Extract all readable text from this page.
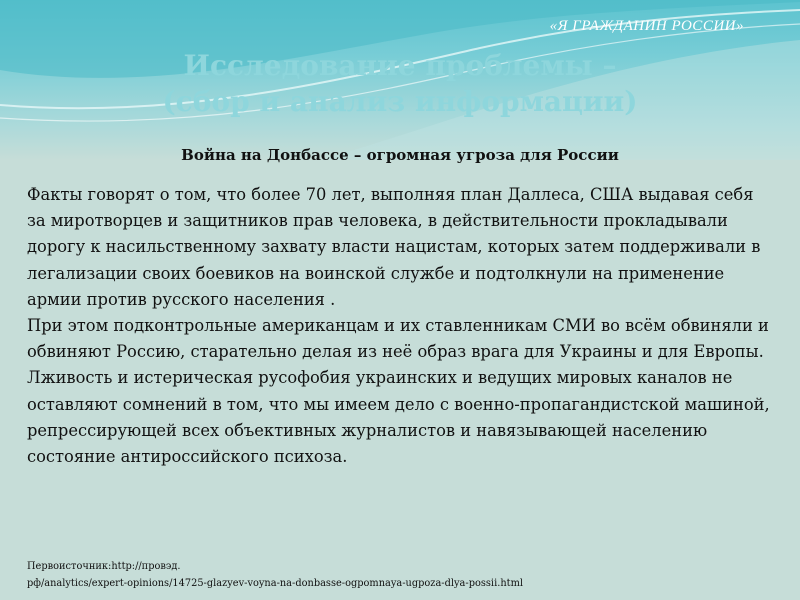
«Я ГРАЖДАНИН РОССИИ»
Исследование проблемы –
(сбор и анализ информации)
Война на Донбассе – огромная угроза для России

Факты говорят о том, что более 70 лет, выполняя план Даллеса, США выдавая себя за миротворцев и защитников прав человека, в действительности прокладывали дорогу к насильственному захвату власти нацистам, которых затем поддерживали в легализации своих боевиков на воинской службе и подтолкнули на применение армии против русского населения .

При этом подконтрольные американцам и их ставленникам СМИ во всём обвиняли и обвиняют Россию, старательно делая из неё образ врага для Украины и для Европы. Лживость и истерическая русофобия украинских и ведущих мировых каналов не оставляют сомнений в том, что мы имеем дело с военно-пропагандистской машиной, репрессирующей всех объективных журналистов и навязывающей населению состояние антироссийского психоза.

Первоисточник:http://провэд.
рф/analytics/expert-opinions/14725-glazyev-voyna-na-donbasse-ogpomnaya-ugpoza-dlya-possii.html
